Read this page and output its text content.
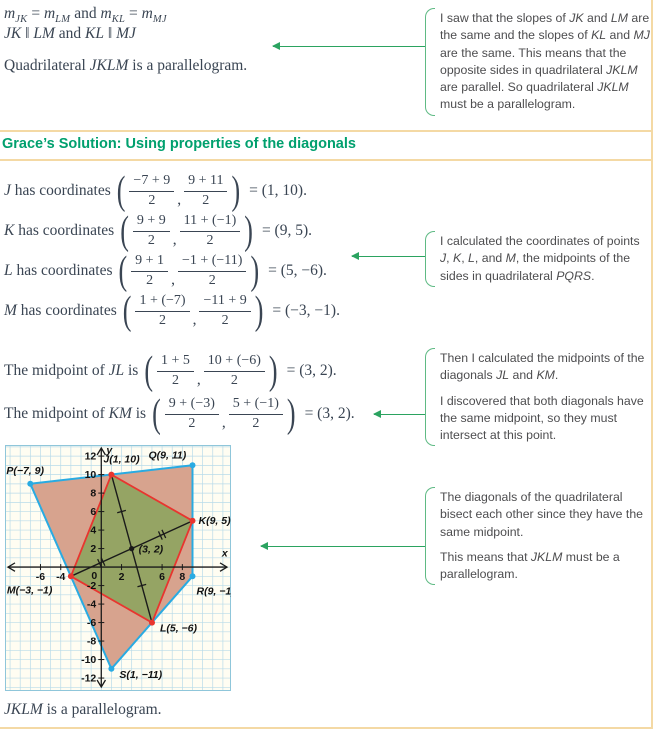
$m_{JK} = m_{LM}$ and $m_{KL} = m_{MJ}$
JK ‖ LM and KL ‖ MJ
Quadrilateral JKLM is a parallelogram.

I saw that the slopes of JK and LM are the same and the slopes of KL and MJ are the same. This means that the opposite sides in quadrilateral JKLM are parallel. So quadrilateral JKLM must be a parallelogram.

Grace’s Solution: Using properties of the diagonals
J has coordinates ( $\frac{-7 + 9}{2}$ , $\frac{9 + 11}{2}$ ) = (1, 10).
K has coordinates ( $\frac{9 + 9}{2}$ , $\frac{11 + (-1)}{2}$ ) = (9, 5).
L has coordinates ( $\frac{9 + 1}{2}$ , $\frac{-1 + (-11)}{2}$ ) = (5, −6).
M has coordinates ( $\frac{1 + (-7)}{2}$ , $\frac{-11 + 9}{2}$ ) = (−3, −1).

I calculated the coordinates of points J, K, L, and M, the midpoints of the sides in quadrilateral PQRS.

The midpoint of JL is ( $\frac{1 + 5}{2}$ , $\frac{10 + (-6)}{2}$ ) = (3, 2).
The midpoint of KM is ( $\frac{9 + (-3)}{2}$ , $\frac{5 + (-1)}{2}$ ) = (3, 2).

Then I calculated the midpoints of the diagonals JL and KM.

I discovered that both diagonals have the same midpoint, so they must intersect at this point.

The diagonals of the quadrilateral bisect each other since they have the same midpoint.

This means that JKLM must be a parallelogram.

-6 -4	2	6 8
12
10
8
6
4
2
-2
-4
-6
-8
-10
-12
0
P(−7, 9)
Q(9, 11)
J(1, 10)
K(9, 5)
(3, 2)
M(−3, −1)	R(9, −1)
L(5, −6)
S(1, −11)
x
y
JKLM is a parallelogram.
